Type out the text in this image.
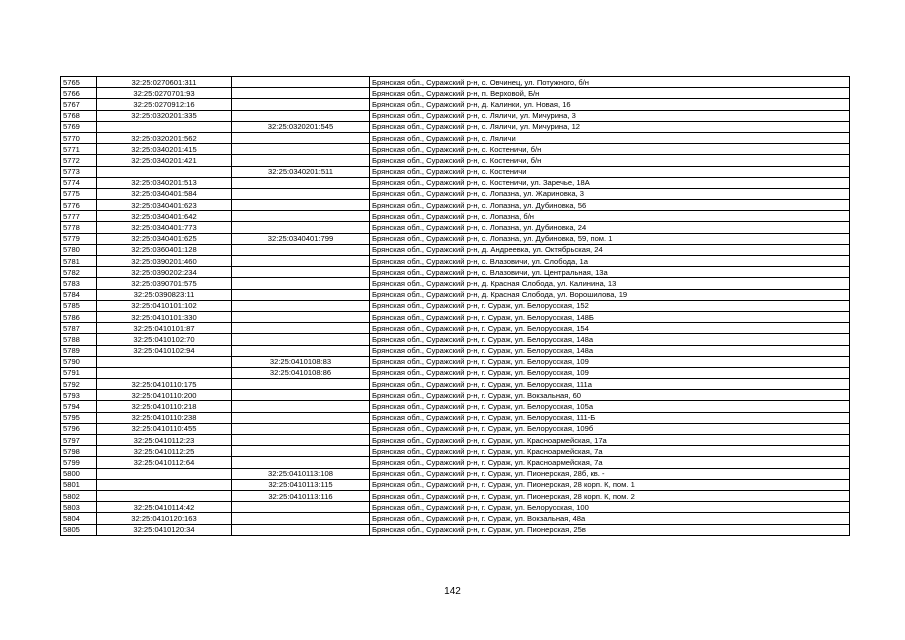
5765	32:25:0270601:311		Брянская обл., Суражский р-н, с. Овчинец, ул. Потужного, б/н
5766	32:25:0270701:93		Брянская обл., Суражский р-н, п. Верховой, Б/н
5767	32:25:0270912:16		Брянская обл., Суражский р-н, д. Калинки, ул. Новая, 16
5768	32:25:0320201:335		Брянская обл., Суражский р-н, с. Ляличи, ул. Мичурина, 3
5769		32:25:0320201:545	Брянская обл., Суражский р-н, с. Ляличи, ул. Мичурина, 12
5770	32:25:0320201:562		Брянская обл., Суражский р-н, с. Ляличи
5771	32:25:0340201:415		Брянская обл., Суражский р-н, с. Костеничи, б/н
5772	32:25:0340201:421		Брянская обл., Суражский р-н, с. Костеничи, б/н
5773		32:25:0340201:511	Брянская обл., Суражский р-н, с. Костеничи
5774	32:25:0340201:513		Брянская обл., Суражский р-н, с. Костеничи, ул. Заречье, 18А
5775	32:25:0340401:584		Брянская обл., Суражский р-н, с. Лопазна, ул. Жариновка, 3
5776	32:25:0340401:623		Брянская обл., Суражский р-н, с. Лопазна, ул. Дубиновка, 56
5777	32:25:0340401:642		Брянская обл., Суражский р-н, с. Лопазна, б/н
5778	32:25:0340401:773		Брянская обл., Суражский р-н, с. Лопазна, ул. Дубиновка, 24
5779	32:25:0340401:625	32:25:0340401:799	Брянская обл., Суражский р-н, с. Лопазна, ул. Дубиновка, 59, пом. 1
5780	32:25:0360401:128		Брянская обл., Суражский р-н, д. Андреевка, ул. Октябрьская, 24
5781	32:25:0390201:460		Брянская обл., Суражский р-н, с. Влазовичи, ул. Слобода, 1а
5782	32:25:0390202:234		Брянская обл., Суражский р-н, с. Влазовичи, ул. Центральная, 13а
5783	32:25:0390701:575		Брянская обл., Суражский р-н, д. Красная Слобода, ул. Калинина, 13
5784	32:25:0390823:11		Брянская обл., Суражский р-н, д. Красная Слобода, ул. Ворошилова, 19
5785	32:25:0410101:102		Брянская обл., Суражский р-н, г. Сураж, ул. Белорусская, 152
5786	32:25:0410101:330		Брянская обл., Суражский р-н, г. Сураж, ул. Белорусская, 148Б
5787	32:25:0410101:87		Брянская обл., Суражский р-н, г. Сураж, ул. Белорусская, 154
5788	32:25:0410102:70		Брянская обл., Суражский р-н, г. Сураж, ул. Белорусская, 148а
5789	32:25:0410102:94		Брянская обл., Суражский р-н, г. Сураж, ул. Белорусская, 148а
5790		32:25:0410108:83	Брянская обл., Суражский р-н, г. Сураж, ул. Белорусская, 109
5791		32:25:0410108:86	Брянская обл., Суражский р-н, г. Сураж, ул. Белорусская, 109
5792	32:25:0410110:175		Брянская обл., Суражский р-н, г. Сураж, ул. Белорусская, 111а
5793	32:25:0410110:200		Брянская обл., Суражский р-н, г. Сураж, ул. Вокзальная, 60
5794	32:25:0410110:218		Брянская обл., Суражский р-н, г. Сураж, ул. Белорусская, 105а
5795	32:25:0410110:238		Брянская обл., Суражский р-н, г. Сураж, ул. Белорусская, 111-Б
5796	32:25:0410110:455		Брянская обл., Суражский р-н, г. Сураж, ул. Белорусская, 109б
5797	32:25:0410112:23		Брянская обл., Суражский р-н, г. Сураж, ул. Красноармейская, 17а
5798	32:25:0410112:25		Брянская обл., Суражский р-н, г. Сураж, ул. Красноармейская, 7а
5799	32:25:0410112:64		Брянская обл., Суражский р-н, г. Сураж, ул. Красноармейская, 7а
5800		32:25:0410113:108	Брянская обл., Суражский р-н, г. Сураж, ул. Пионерская, 28б, кв. -
5801		32:25:0410113:115	Брянская обл., Суражский р-н, г. Сураж, ул. Пионерская, 28 корп. К, пом. 1
5802		32:25:0410113:116	Брянская обл., Суражский р-н, г. Сураж, ул. Пионерская, 28 корп. К, пом. 2
5803	32:25:0410114:42		Брянская обл., Суражский р-н, г. Сураж, ул. Белорусская, 100
5804	32:25:0410120:163		Брянская обл., Суражский р-н, г. Сураж, ул. Вокзальная, 48а
5805	32:25:0410120:34		Брянская обл., Суражский р-н, г. Сураж, ул. Пионерская, 25в
142
